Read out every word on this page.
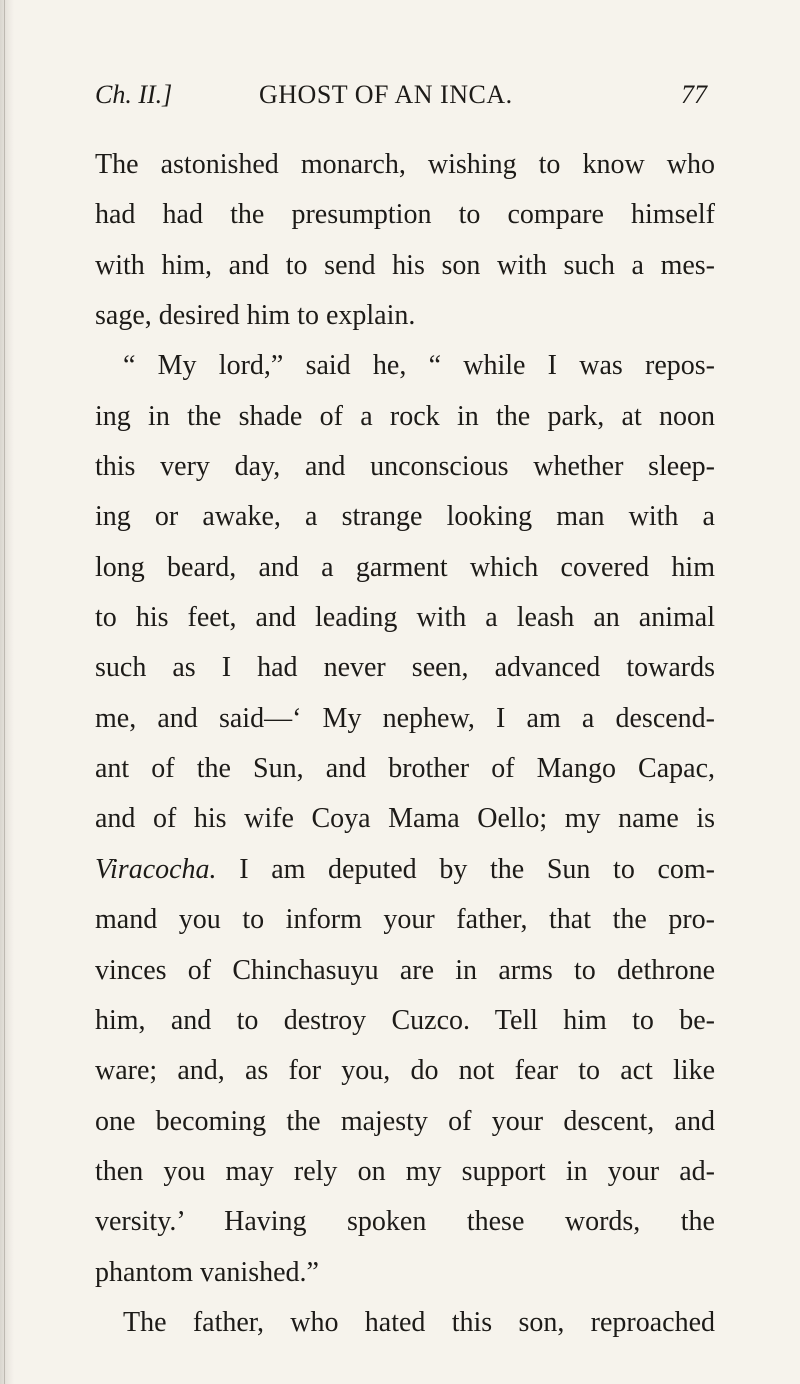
Ch. II.]	GHOST OF AN INCA.	77
The astonished monarch, wishing to know who
had had the presumption to compare himself
with him, and to send his son with such a mes-
sage, desired him to explain.
“ My lord,” said he, “ while I was repos-
ing in the shade of a rock in the park, at noon
this very day, and unconscious whether sleep-
ing or awake, a strange looking man with a
long beard, and a garment which covered him
to his feet, and leading with a leash an animal
such as I had never seen, advanced towards
me, and said—‘ My nephew, I am a descend-
ant of the Sun, and brother of Mango Capac,
and of his wife Coya Mama Oello; my name is
Viracocha. I am deputed by the Sun to com-
mand you to inform your father, that the pro-
vinces of Chinchasuyu are in arms to dethrone
him, and to destroy Cuzco. Tell him to be-
ware; and, as for you, do not fear to act like
one becoming the majesty of your descent, and
then you may rely on my support in your ad-
versity.’ Having spoken these words, the
phantom vanished.”
The father, who hated this son, reproached
